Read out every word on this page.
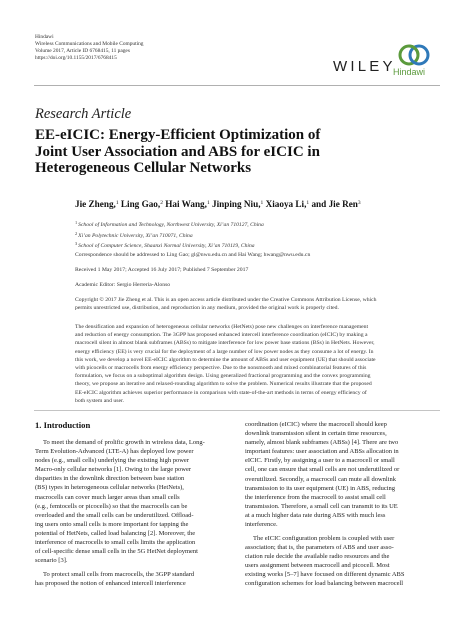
Hindawi
Wireless Communications and Mobile Computing
Volume 2017, Article ID 6768415, 11 pages
https://doi.org/10.1155/2017/6768415	WILEY
Hindawi
Research Article
EE-eICIC: Energy-Efficient Optimization of
Joint User Association and ABS for eICIC in
Heterogeneous Cellular Networks
Jie Zheng,$^1$ Ling Gao,$^2$ Hai Wang,$^1$ Jinping Niu,$^1$ Xiaoya Li,$^1$ and Jie Ren$^3$
$^1$School of Information and Technology, Northwest University, Xi’an 710127, China
$^2$Xi’an Polytechnic University, Xi’an 710071, China
$^3$School of Computer Science, Shaanxi Normal University, Xi’an 710119, China
Correspondence should be addressed to Ling Gao; gl@nwu.edu.cn and Hai Wang; hwang@nwu.edu.cn
Received 1 May 2017; Accepted 16 July 2017; Published 7 September 2017
Academic Editor: Sergio Herreria-Alonso
Copyright © 2017 Jie Zheng et al. This is an open access article distributed under the Creative Commons Attribution License, which
permits unrestricted use, distribution, and reproduction in any medium, provided the original work is properly cited.
The densification and expansion of heterogeneous cellular networks (HetNets) pose new challenges on interference management
and reduction of energy consumption. The 3GPP has proposed enhanced intercell interference coordination (eICIC) by making a
macrocell silent in almost blank subframes (ABSs) to mitigate interference for low power base stations (BSs) in HetNets. However,
energy efficiency (EE) is very crucial for the deployment of a large number of low power nodes as they consume a lot of energy. In
this work, we develop a novel EE-eICIC algorithm to determine the amount of ABSs and user equipment (UE) that should associate
with picocells or macrocells from energy efficiency perspective. Due to the nonsmooth and mixed combinatorial features of this
formulation, we focus on a suboptimal algorithm design. Using generalized fractional programming and the convex programming
theory, we propose an iterative and relaxed-rounding algorithm to solve the problem. Numerical results illustrate that the proposed
EE-eICIC algorithm achieves superior performance in comparison with state-of-the-art methods in terms of energy efficiency of
both system and user.
1. Introduction
To meet the demand of prolific growth in wireless data, Long-
Term Evolution-Advanced (LTE-A) has deployed low power
nodes (e.g., small cells) underlying the existing high power
Macro-only cellular networks [1]. Owing to the large power
disparities in the downlink direction between base station
(BS) types in heterogeneous cellular networks (HetNets),
macrocells can cover much larger areas than small cells
(e.g., femtocells or picocells) so that the macrocells can be
overloaded and the small cells can be underutilized. Offload-
ing users onto small cells is more important for tapping the
potential of HetNets, called load balancing [2]. Moreover, the
interference of macrocells to small cells limits the application
of cell-specific dense small cells in the 5G HetNet deployment
scenario [3].
To protect small cells from macrocells, the 3GPP standard
has proposed the notion of enhanced intercell interference
coordination (eICIC) where the macrocell should keep
downlink transmission silent in certain time resources,
namely, almost blank subframes (ABSs) [4]. There are two
important features: user association and ABSs allocation in
eICIC. Firstly, by assigning a user to a macrocell or small
cell, one can ensure that small cells are not underutilized or
overutilized. Secondly, a macrocell can mute all downlink
transmission to its user equipment (UE) in ABS, reducing
the interference from the macrocell to assist small cell
transmission. Therefore, a small cell can transmit to its UE
at a much higher data rate during ABS with much less
interference.
The eICIC configuration problem is coupled with user
association; that is, the parameters of ABS and user asso-
ciation rule decide the available radio resources and the
users assignment between macrocell and picocell. Most
existing works [5–7] have focused on different dynamic ABS
configuration schemes for load balancing between macrocell
